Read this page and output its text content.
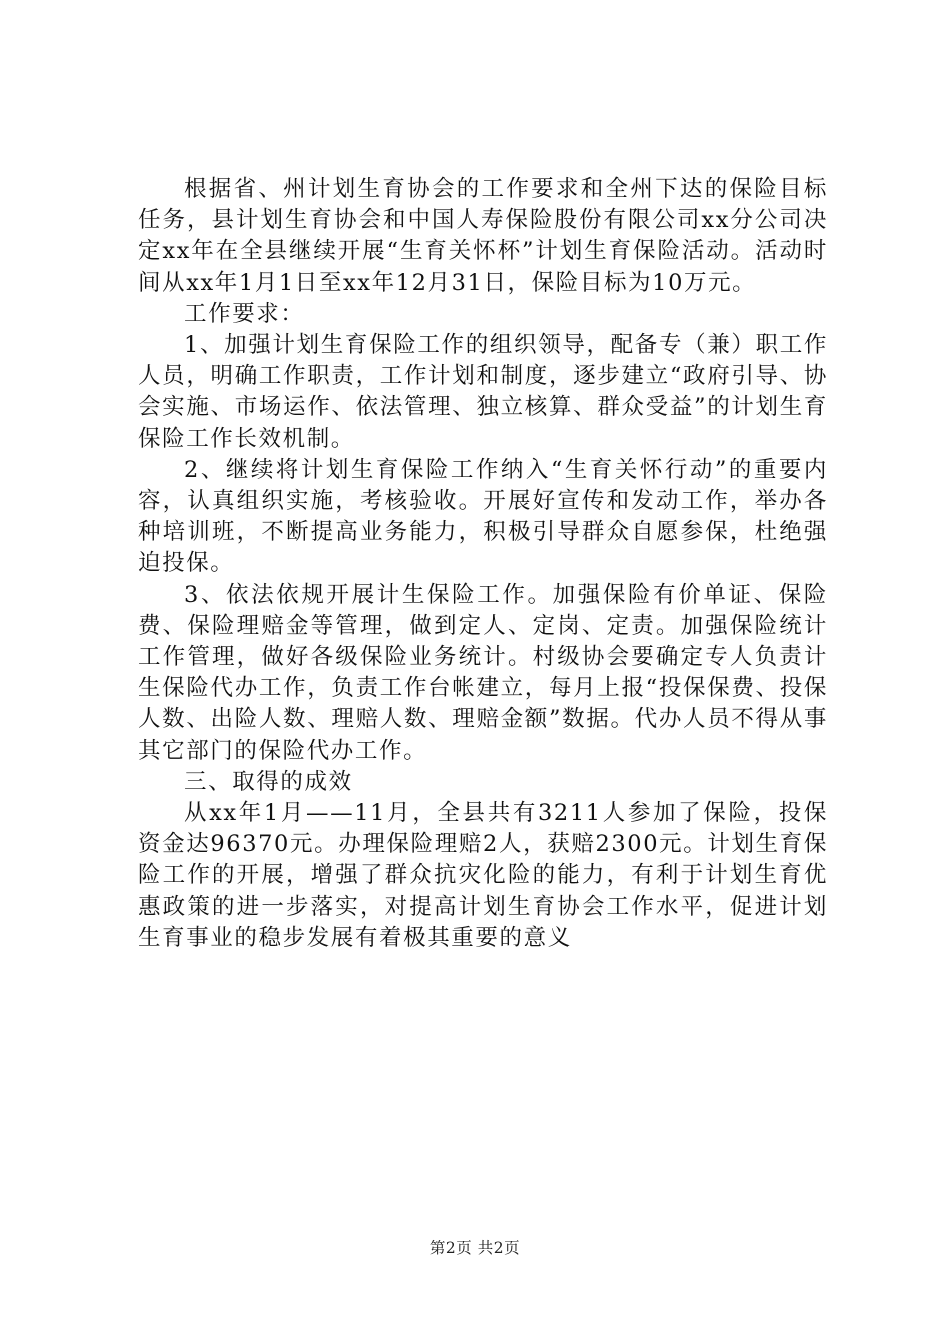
根据省、州计划生育协会的工作要求和全州下达的保险目标任务，县计划生育协会和中国人寿保险股份有限公司xx分公司决定xx年在全县继续开展“生育关怀杯”计划生育保险活动。活动时间从xx年1月1日至xx年12月31日，保险目标为10万元。

工作要求：

1、加强计划生育保险工作的组织领导，配备专（兼）职工作人员，明确工作职责，工作计划和制度，逐步建立“政府引导、协会实施、市场运作、依法管理、独立核算、群众受益”的计划生育保险工作长效机制。

2、继续将计划生育保险工作纳入“生育关怀行动”的重要内容，认真组织实施，考核验收。开展好宣传和发动工作，举办各种培训班，不断提高业务能力，积极引导群众自愿参保，杜绝强迫投保。

3、依法依规开展计生保险工作。加强保险有价单证、保险费、保险理赔金等管理，做到定人、定岗、定责。加强保险统计工作管理，做好各级保险业务统计。村级协会要确定专人负责计生保险代办工作，负责工作台帐建立，每月上报“投保保费、投保人数、出险人数、理赔人数、理赔金额”数据。代办人员不得从事其它部门的保险代办工作。

三、取得的成效

从xx年1月——11月，全县共有3211人参加了保险，投保资金达96370元。办理保险理赔2人，获赔2300元。计划生育保险工作的开展，增强了群众抗灾化险的能力，有利于计划生育优惠政策的进一步落实，对提高计划生育协会工作水平，促进计划生育事业的稳步发展有着极其重要的意义

第2页 共2页
